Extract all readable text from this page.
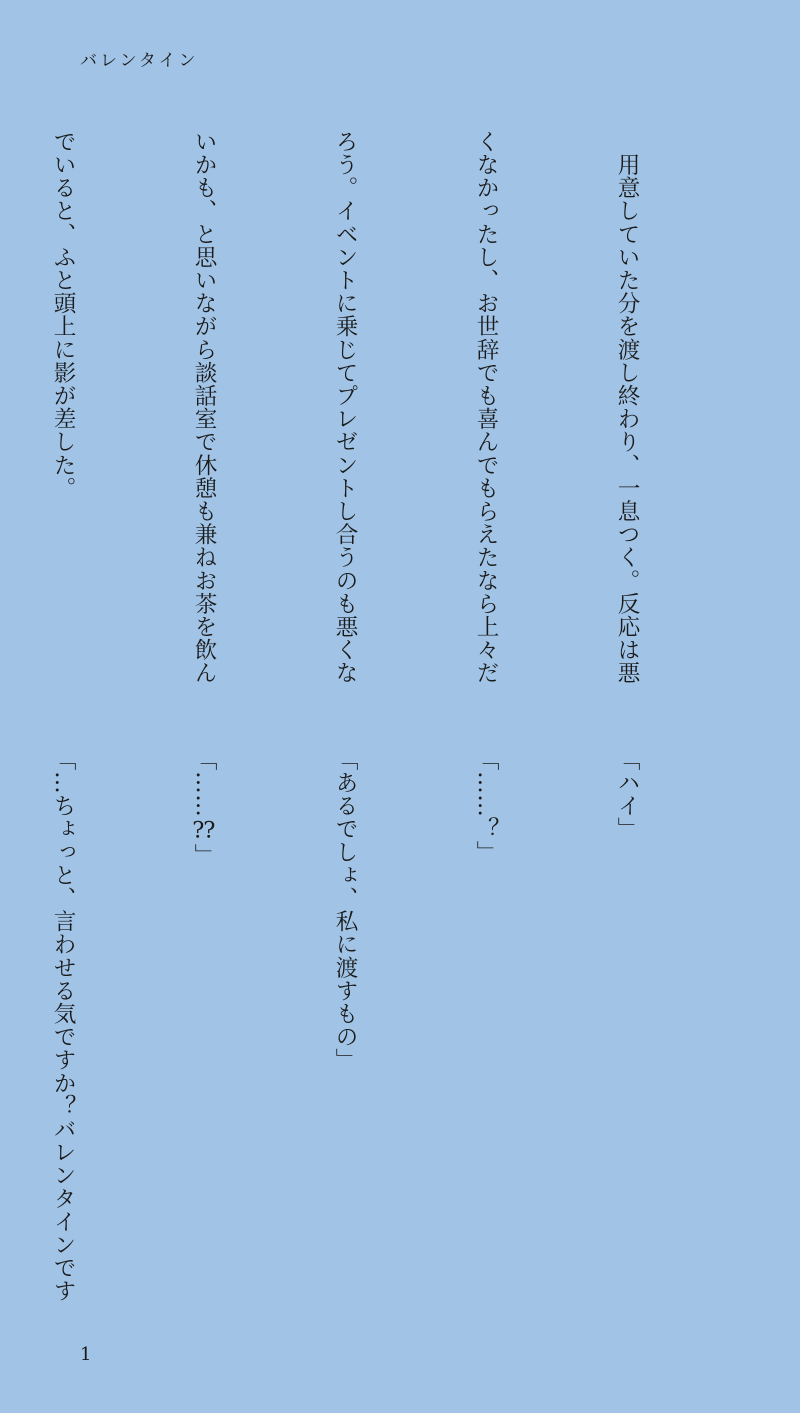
バレンタイン

　用意していた分を渡し終わり、一息つく。反応は悪

くなかったし、お世辞でも喜んでもらえたなら上々だ

ろう。イベントに乗じてプレゼントし合うのも悪くな

いかも、と思いながら談話室で休憩も兼ねお茶を飲ん

でいると、ふと頭上に影が差した。

「ハイ」

「……？」

「あるでしょ、私に渡すもの」

「……⁇」

「…ちょっと、言わせる気ですか？バレンタインです

1
